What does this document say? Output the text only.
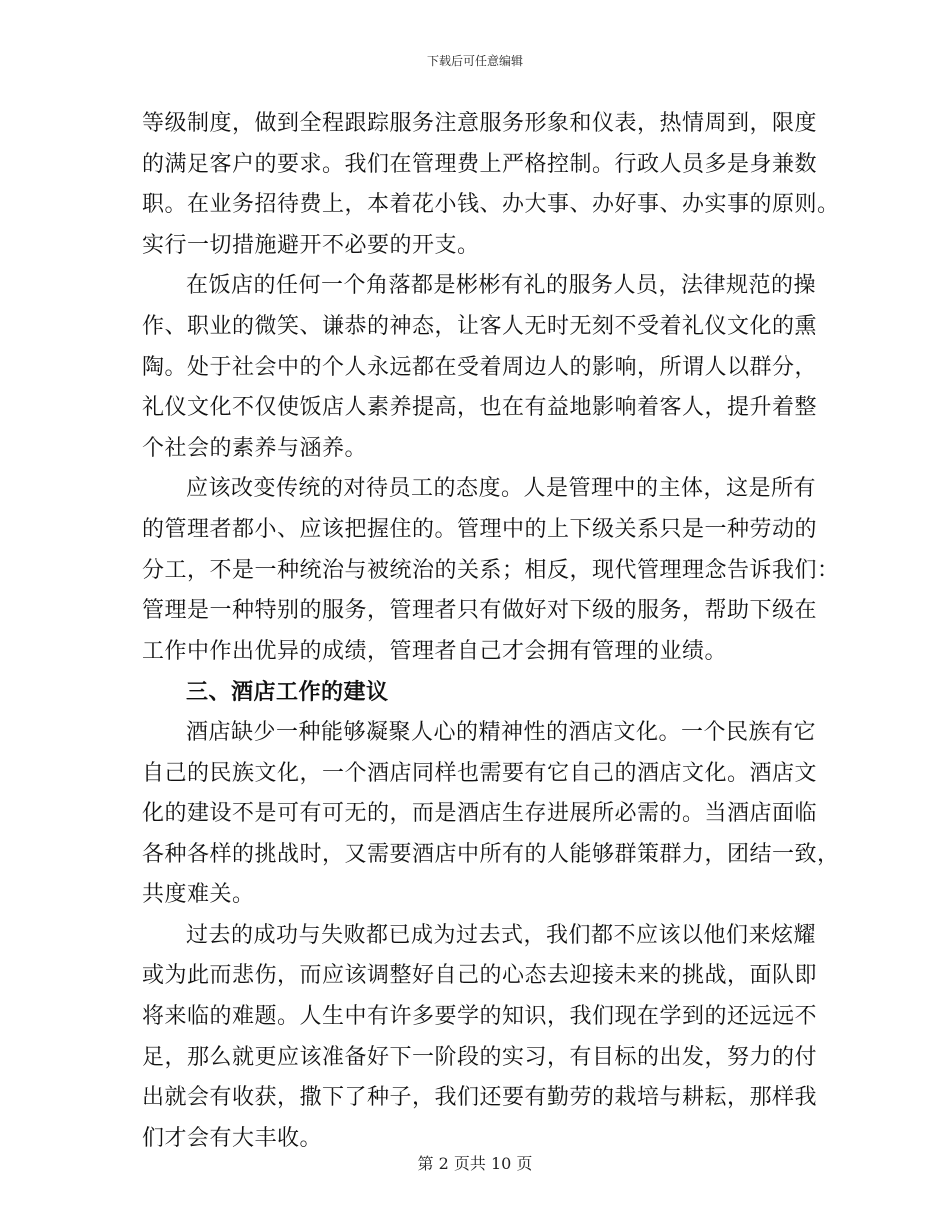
下载后可任意编辑
等级制度，做到全程跟踪服务注意服务形象和仪表，热情周到，限度
的满足客户的要求。我们在管理费上严格控制。行政人员多是身兼数
职。在业务招待费上，本着花小钱、办大事、办好事、办实事的原则。
实行一切措施避开不必要的开支。
在饭店的任何一个角落都是彬彬有礼的服务人员，法律规范的操
作、职业的微笑、谦恭的神态，让客人无时无刻不受着礼仪文化的熏
陶。处于社会中的个人永远都在受着周边人的影响，所谓人以群分，
礼仪文化不仅使饭店人素养提高，也在有益地影响着客人，提升着整
个社会的素养与涵养。
应该改变传统的对待员工的态度。人是管理中的主体，这是所有
的管理者都小、应该把握住的。管理中的上下级关系只是一种劳动的
分工，不是一种统治与被统治的关系；相反，现代管理理念告诉我们：
管理是一种特别的服务，管理者只有做好对下级的服务，帮助下级在
工作中作出优异的成绩，管理者自己才会拥有管理的业绩。
三、酒店工作的建议
酒店缺少一种能够凝聚人心的精神性的酒店文化。一个民族有它
自己的民族文化，一个酒店同样也需要有它自己的酒店文化。酒店文
化的建设不是可有可无的，而是酒店生存进展所必需的。当酒店面临
各种各样的挑战时，又需要酒店中所有的人能够群策群力，团结一致，
共度难关。
过去的成功与失败都已成为过去式，我们都不应该以他们来炫耀
或为此而悲伤，而应该调整好自己的心态去迎接未来的挑战，面队即
将来临的难题。人生中有许多要学的知识，我们现在学到的还远远不
足，那么就更应该准备好下一阶段的实习，有目标的出发，努力的付
出就会有收获，撒下了种子，我们还要有勤劳的栽培与耕耘，那样我
们才会有大丰收。
第 2 页共 10 页
